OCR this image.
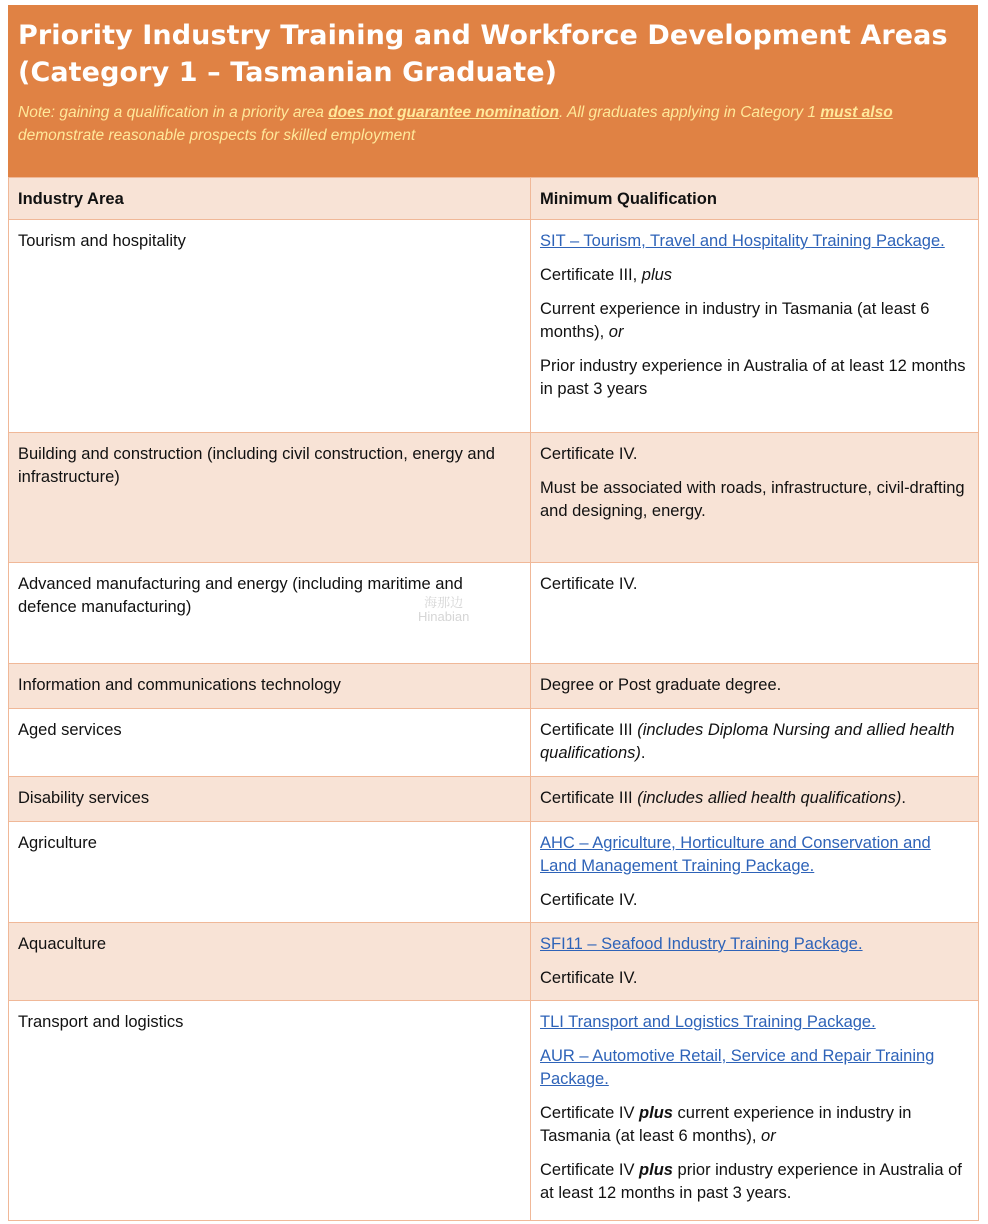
Priority Industry Training and Workforce Development Areas
(Category 1 – Tasmanian Graduate)
Note: gaining a qualification in a priority area does not guarantee nomination. All graduates applying in Category 1 must also demonstrate reasonable prospects for skilled employment
Industry Area	Minimum Qualification
Tourism and hospitality	SIT – Tourism, Travel and Hospitality Training Package.

Certificate III, plus

Current experience in industry in Tasmania (at least 6 months), or

Prior industry experience in Australia of at least 12 months in past 3 years

Building and construction (including civil construction, energy and infrastructure)	Certificate IV.

Must be associated with roads, infrastructure, civil-drafting and designing, energy.

Advanced manufacturing and energy (including maritime and defence manufacturing)	Certificate IV.

Information and communications technology	Degree or Post graduate degree.

Aged services	Certificate III (includes Diploma Nursing and allied health qualifications).

Disability services	Certificate III (includes allied health qualifications).

Agriculture	AHC – Agriculture, Horticulture and Conservation and Land Management Training Package.

Certificate IV.

Aquaculture	SFI11 – Seafood Industry Training Package.

Certificate IV.

Transport and logistics	TLI Transport and Logistics Training Package.

AUR – Automotive Retail, Service and Repair Training Package.

Certificate IV plus current experience in industry in Tasmania (at least 6 months), or

Certificate IV plus prior industry experience in Australia of at least 12 months in past 3 years.

海那边
Hinabian
